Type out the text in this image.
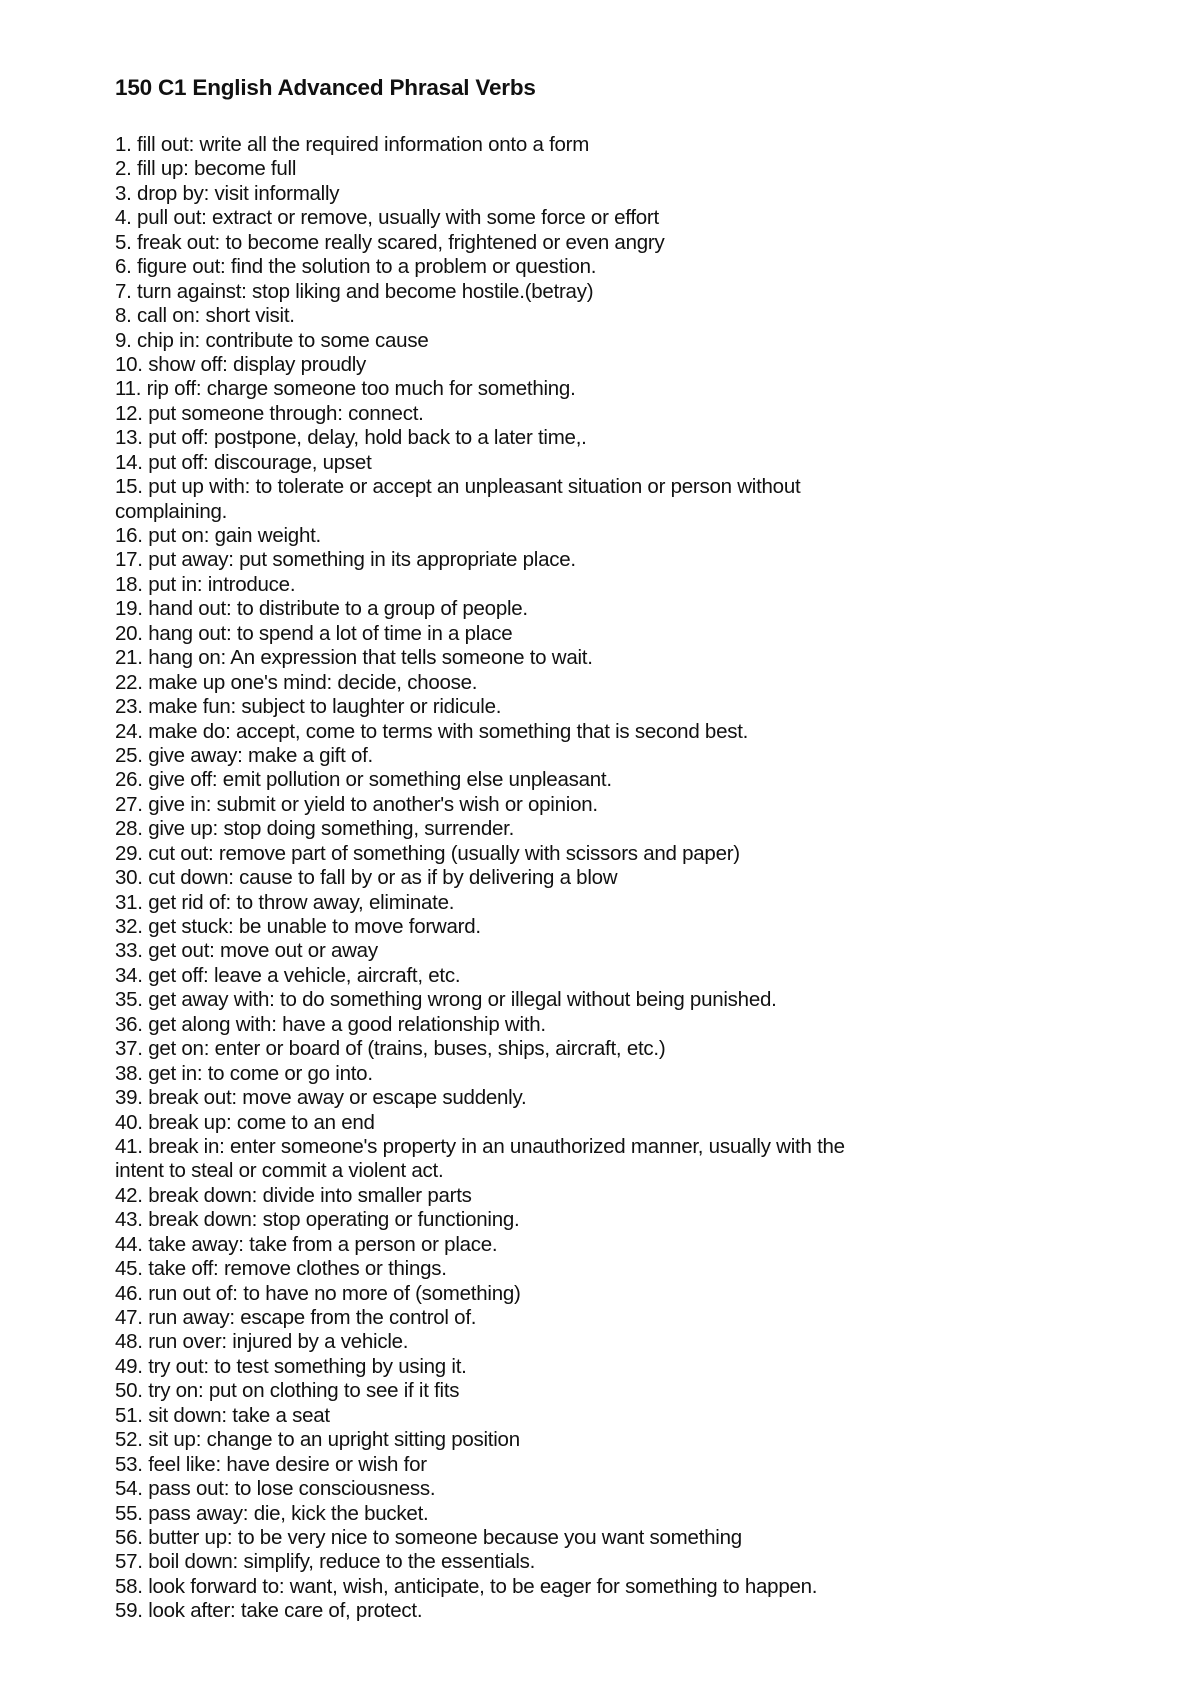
150 C1 English Advanced Phrasal Verbs
1. fill out: write all the required information onto a form
2. fill up: become full
3. drop by: visit informally
4. pull out: extract or remove, usually with some force or effort
5. freak out: to become really scared, frightened or even angry
6. figure out: find the solution to a problem or question.
7. turn against: stop liking and become hostile.(betray)
8. call on: short visit.
9. chip in: contribute to some cause
10. show off: display proudly
11. rip off: charge someone too much for something.
12. put someone through: connect.
13. put off: postpone, delay, hold back to a later time,.
14. put off: discourage, upset
15. put up with: to tolerate or accept an unpleasant situation or person without
complaining.
16. put on: gain weight.
17. put away: put something in its appropriate place.
18. put in: introduce.
19. hand out: to distribute to a group of people.
20. hang out: to spend a lot of time in a place
21. hang on: An expression that tells someone to wait.
22. make up one's mind: decide, choose.
23. make fun: subject to laughter or ridicule.
24. make do: accept, come to terms with something that is second best.
25. give away: make a gift of.
26. give off: emit pollution or something else unpleasant.
27. give in: submit or yield to another's wish or opinion.
28. give up: stop doing something, surrender.
29. cut out: remove part of something (usually with scissors and paper)
30. cut down: cause to fall by or as if by delivering a blow
31. get rid of: to throw away, eliminate.
32. get stuck: be unable to move forward.
33. get out: move out or away
34. get off: leave a vehicle, aircraft, etc.
35. get away with: to do something wrong or illegal without being punished.
36. get along with: have a good relationship with.
37. get on: enter or board of (trains, buses, ships, aircraft, etc.)
38. get in: to come or go into.
39. break out: move away or escape suddenly.
40. break up: come to an end
41. break in: enter someone's property in an unauthorized manner, usually with the
intent to steal or commit a violent act.
42. break down: divide into smaller parts
43. break down: stop operating or functioning.
44. take away: take from a person or place.
45. take off: remove clothes or things.
46. run out of: to have no more of (something)
47. run away: escape from the control of.
48. run over: injured by a vehicle.
49. try out: to test something by using it.
50. try on: put on clothing to see if it fits
51. sit down: take a seat
52. sit up: change to an upright sitting position
53. feel like: have desire or wish for
54. pass out: to lose consciousness.
55. pass away: die, kick the bucket.
56. butter up: to be very nice to someone because you want something
57. boil down: simplify, reduce to the essentials.
58. look forward to: want, wish, anticipate, to be eager for something to happen.
59. look after: take care of, protect.
